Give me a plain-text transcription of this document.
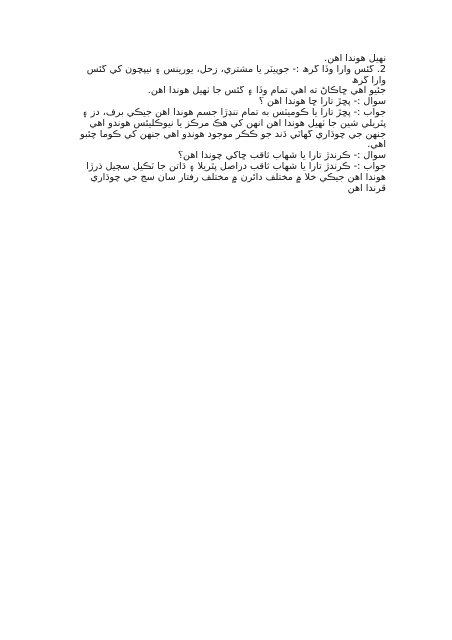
نهيل هوندا آهن.
2. گئس وارا وڏا گرھ :- جوپيٽر يا مشتري، زحل، يورينس ۽ نيپچون کي گئس
وارا گرھ
جئيو آهي ڇاڪاڻ ته اهي تمام وڏا ۽ گئس جا ٺهيل هوندا آهن.
سوال :- پڇڙ تارا ڇا هوندا آهن ؟
جواب :- پڇڙ تارا يا ڪوميٽس به تمام ننڍڙا جسم هوندا آهن جيڪي برف، دز ۽
پٿريلي شين جا ٺهيل هوندا آهن انهن کي هڪ مرڪز يا نيوڪليئس هوندو آهي
جنهن جي چوڌاري گهاٽي ڌند جو ڪڪر موجود هوندو آهي جنهن کي ڪوما چئبو
آهي.
سوال :- ڪرندڙ تارا يا شهاب ثاقب ڇاکي چوندا آهن؟
جواب :- ڪرندڙ تارا يا شهاب ثاقب دراصل پٿريلا ۽ ڌاتن جا ٽڪيل سڄيل ذرڙا
هوندا آهن جيڪي خلا ۾ مختلف دائرن ۾ مختلف رفتار سان سج جي چوڌاري
ڦرندا آهن
